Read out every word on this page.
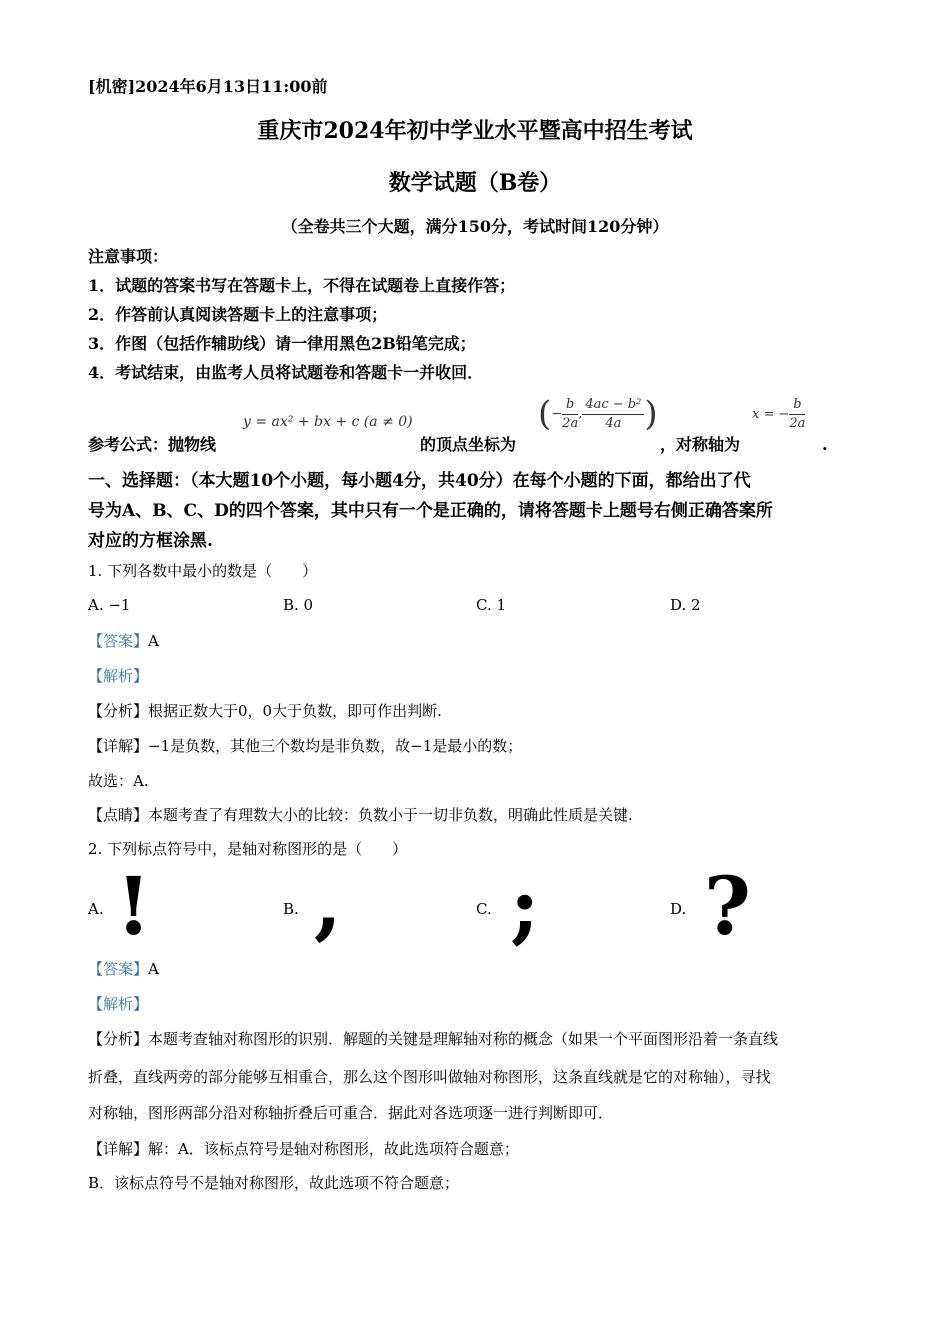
[机密]2024年6月13日11:00前
重庆市2024年初中学业水平暨高中招生考试
数学试题（B卷）
（全卷共三个大题，满分150分，考试时间120分钟）
注意事项：
1．试题的答案书写在答题卡上，不得在试题卷上直接作答；
2．作答前认真阅读答题卡上的注意事项；
3．作图（包括作辅助线）请一律用黑色2B铅笔完成；
4．考试结束，由监考人员将试题卷和答题卡一并收回．
参考公式：抛物线
y = ax² + bx + c (a ≠ 0)
的顶点坐标为
(− $\frac{b}{2a}$ , $\frac{\text{4ac − b²}}{4a}$ )
，对称轴为
x = − $\frac{b}{2a}$
.
一、选择题：（本大题10个小题，每小题4分，共40分）在每个小题的下面，都给出了代
号为A、B、C、D的四个答案，其中只有一个是正确的，请将答题卡上题号右侧正确答案所
对应的方框涂黑.
1. 下列各数中最小的数是（　　）
A. −1	B. 0	C. 1	D. 2
【答案】A
【解析】
【分析】根据正数大于0，0大于负数，即可作出判断.
【详解】−1是负数，其他三个数均是非负数，故−1是最小的数；
故选：A.
【点睛】本题考查了有理数大小的比较：负数小于一切非负数，明确此性质是关键.
2. 下列标点符号中，是轴对称图形的是（　　）
A. !	B. ,	C. ;	D. ?
【答案】A
【解析】
【分析】本题考查轴对称图形的识别．解题的关键是理解轴对称的概念（如果一个平面图形沿着一条直线
折叠，直线两旁的部分能够互相重合，那么这个图形叫做轴对称图形，这条直线就是它的对称轴），寻找
对称轴，图形两部分沿对称轴折叠后可重合．据此对各选项逐一进行判断即可．
【详解】解：A．该标点符号是轴对称图形，故此选项符合题意；
B．该标点符号不是轴对称图形，故此选项不符合题意；
